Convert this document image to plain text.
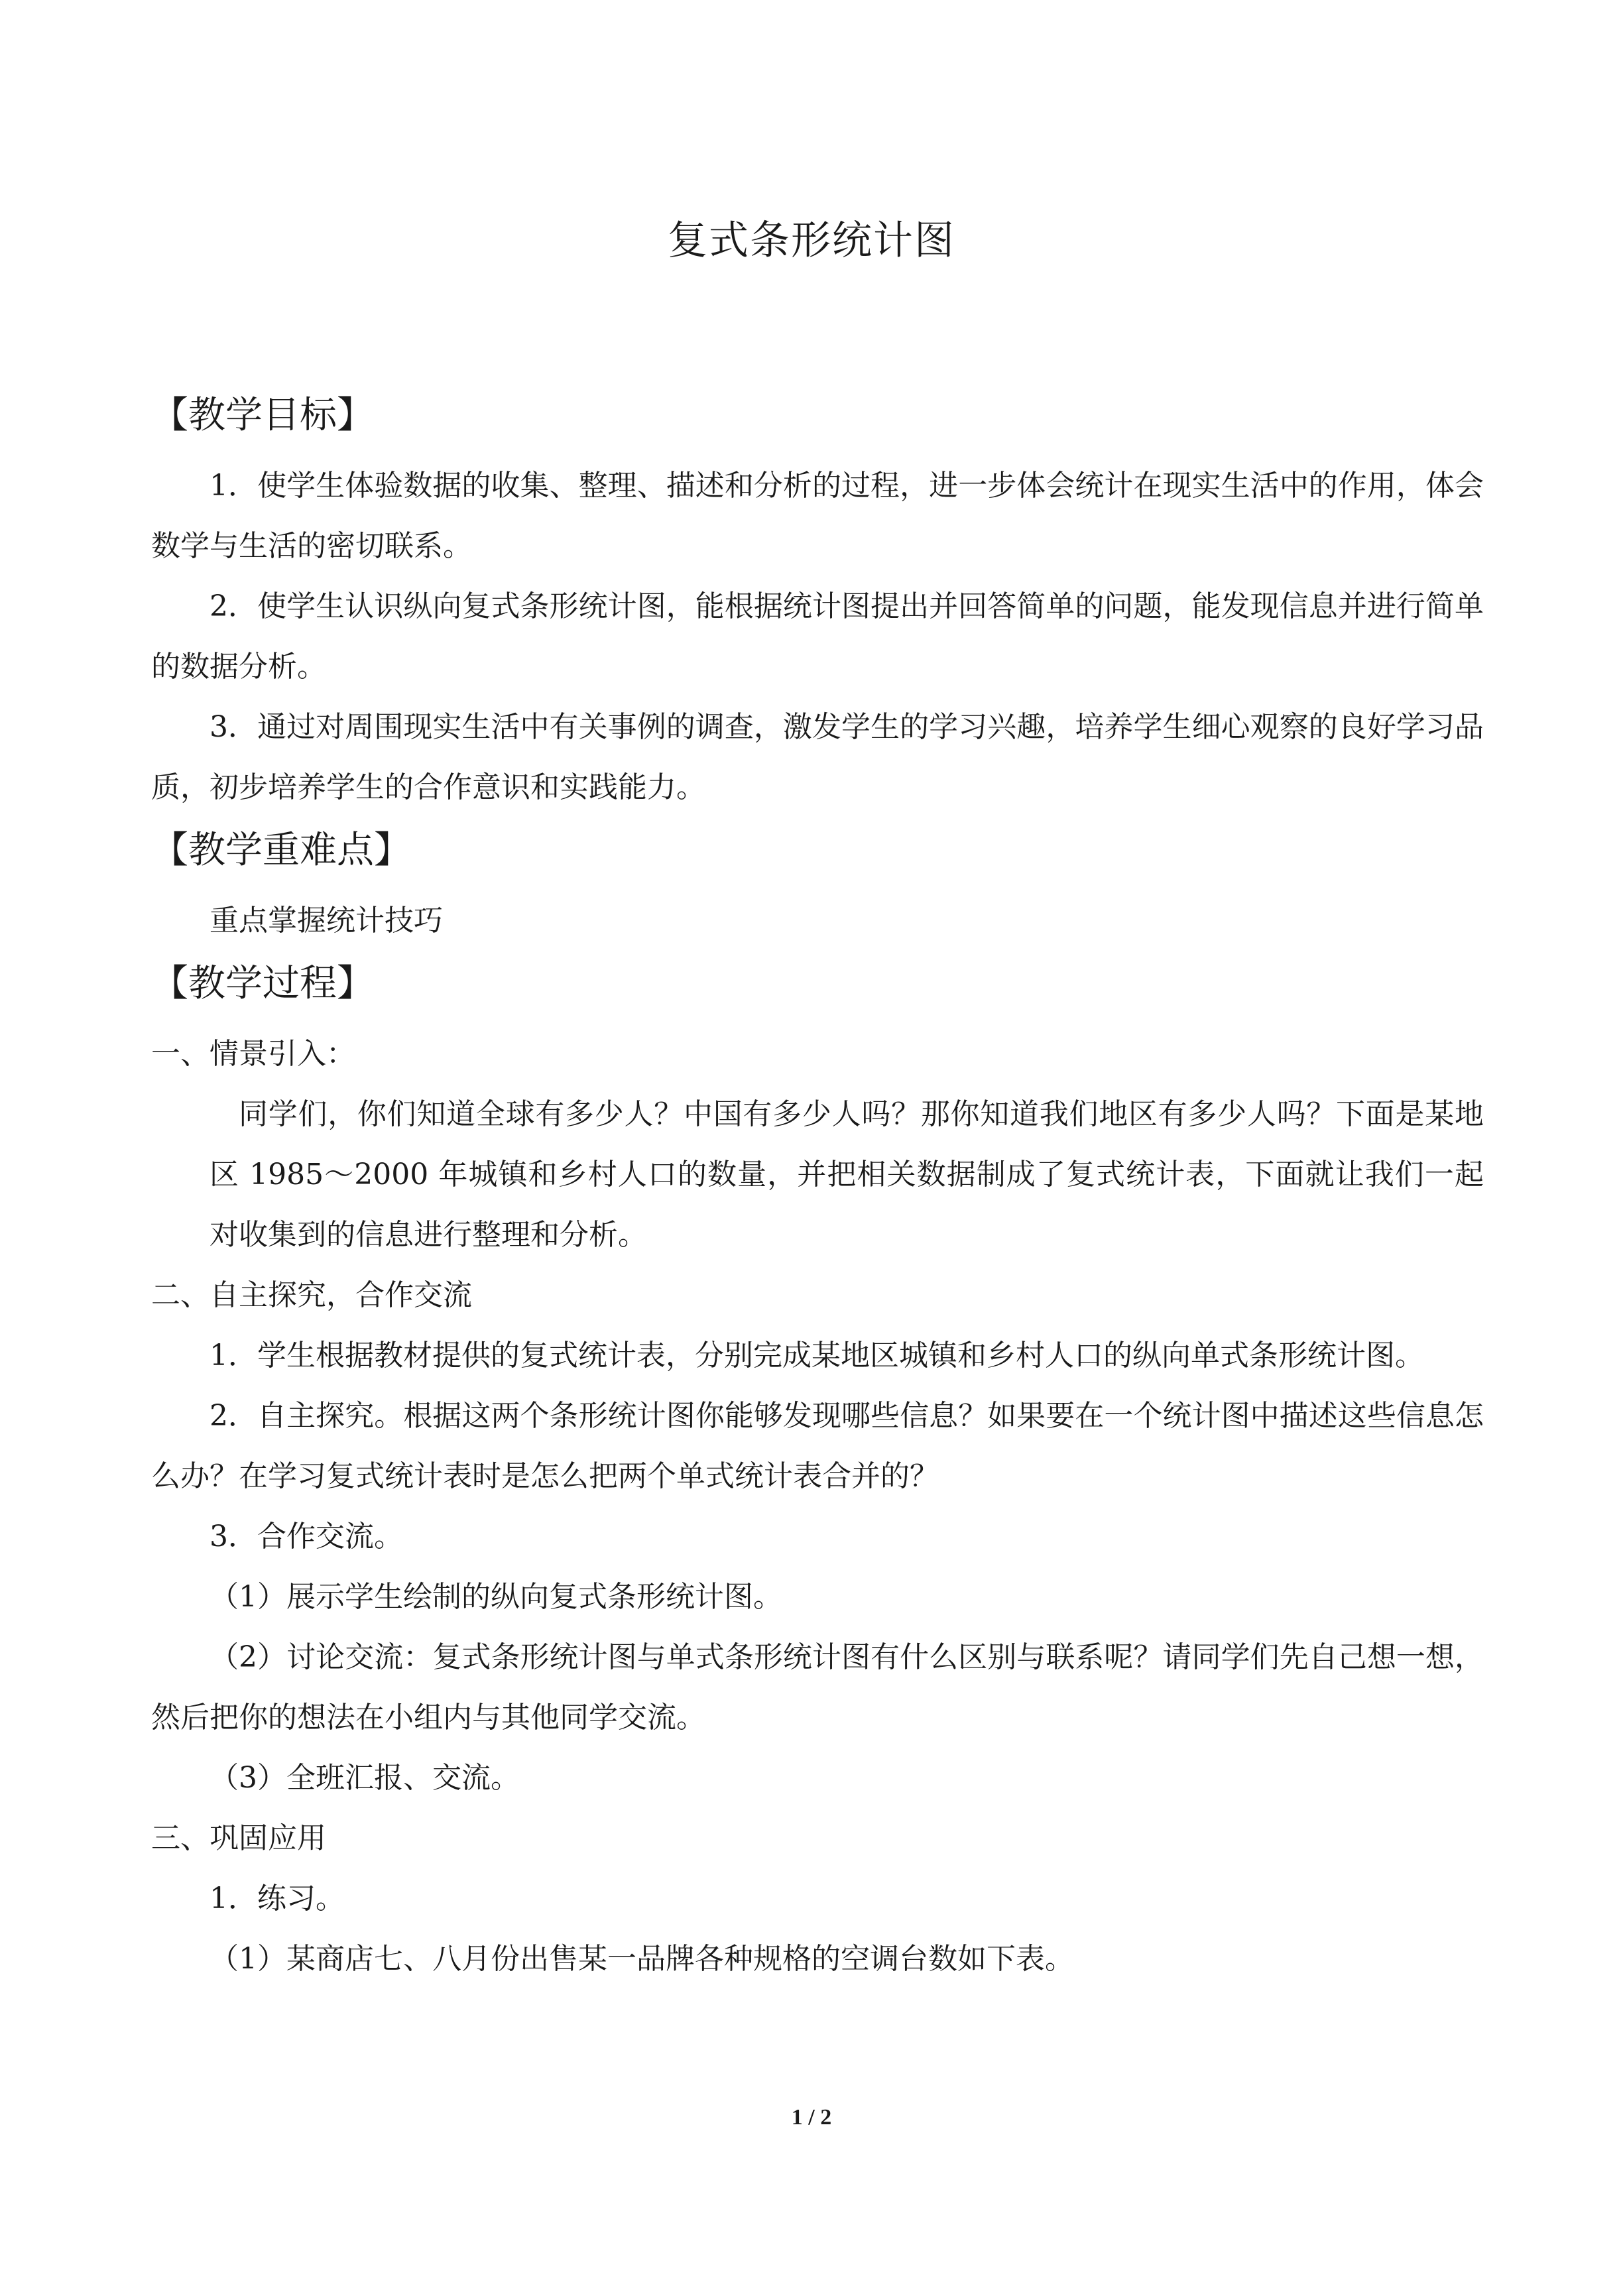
复式条形统计图
【教学目标】

1．使学生体验数据的收集、整理、描述和分析的过程，进一步体会统计在现实生活中的作用，体会数学与生活的密切联系。

2．使学生认识纵向复式条形统计图，能根据统计图提出并回答简单的问题，能发现信息并进行简单的数据分析。

3．通过对周围现实生活中有关事例的调查，激发学生的学习兴趣，培养学生细心观察的良好学习品质，初步培养学生的合作意识和实践能力。

【教学重难点】

重点掌握统计技巧

【教学过程】

一、情景引入：

同学们，你们知道全球有多少人？中国有多少人吗？那你知道我们地区有多少人吗？下面是某地区 1985～2000 年城镇和乡村人口的数量，并把相关数据制成了复式统计表，下面就让我们一起对收集到的信息进行整理和分析。

二、自主探究，合作交流

1．学生根据教材提供的复式统计表，分别完成某地区城镇和乡村人口的纵向单式条形统计图。

2．自主探究。根据这两个条形统计图你能够发现哪些信息？如果要在一个统计图中描述这些信息怎么办？在学习复式统计表时是怎么把两个单式统计表合并的？

3．合作交流。

（1）展示学生绘制的纵向复式条形统计图。

（2）讨论交流：复式条形统计图与单式条形统计图有什么区别与联系呢？请同学们先自己想一想，然后把你的想法在小组内与其他同学交流。

（3）全班汇报、交流。

三、巩固应用

1．练习。

（1）某商店七、八月份出售某一品牌各种规格的空调台数如下表。

1 / 2
